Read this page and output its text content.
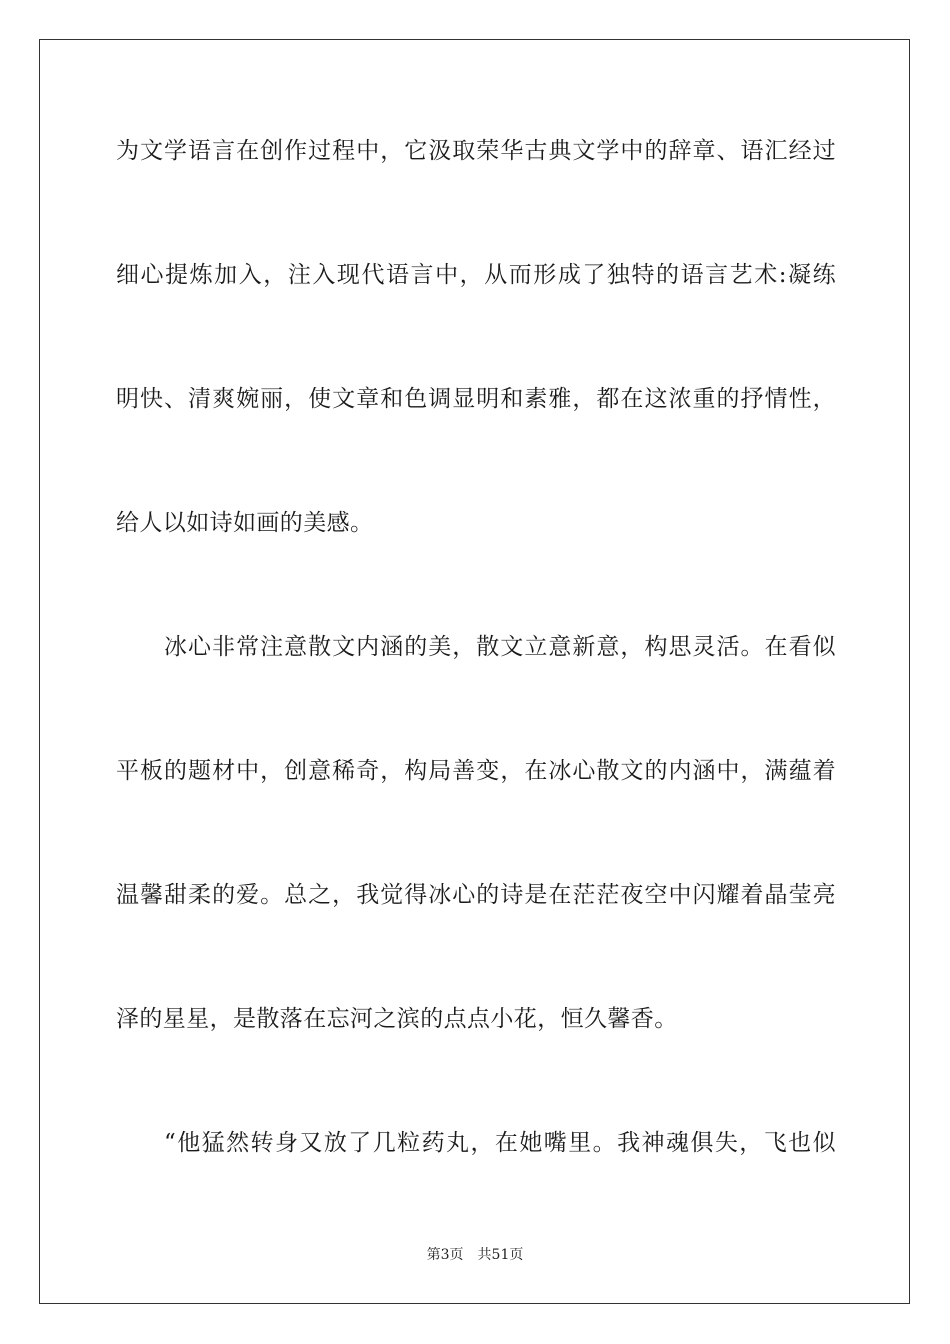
为文学语言在创作过程中，它汲取荣华古典文学中的辞章、语汇经过
细心提炼加入，注入现代语言中，从而形成了独特的语言艺术:凝练
明快、清爽婉丽，使文章和色调显明和素雅，都在这浓重的抒情性，
给人以如诗如画的美感。
冰心非常注意散文内涵的美，散文立意新意，构思灵活。在看似
平板的题材中，创意稀奇，构局善变，在冰心散文的内涵中，满蕴着
温馨甜柔的爱。总之，我觉得冰心的诗是在茫茫夜空中闪耀着晶莹亮
泽的星星，是散落在忘河之滨的点点小花，恒久馨香。
“他猛然转身又放了几粒药丸，在她嘴里。我神魂俱失，飞也似
第3页 共51页
